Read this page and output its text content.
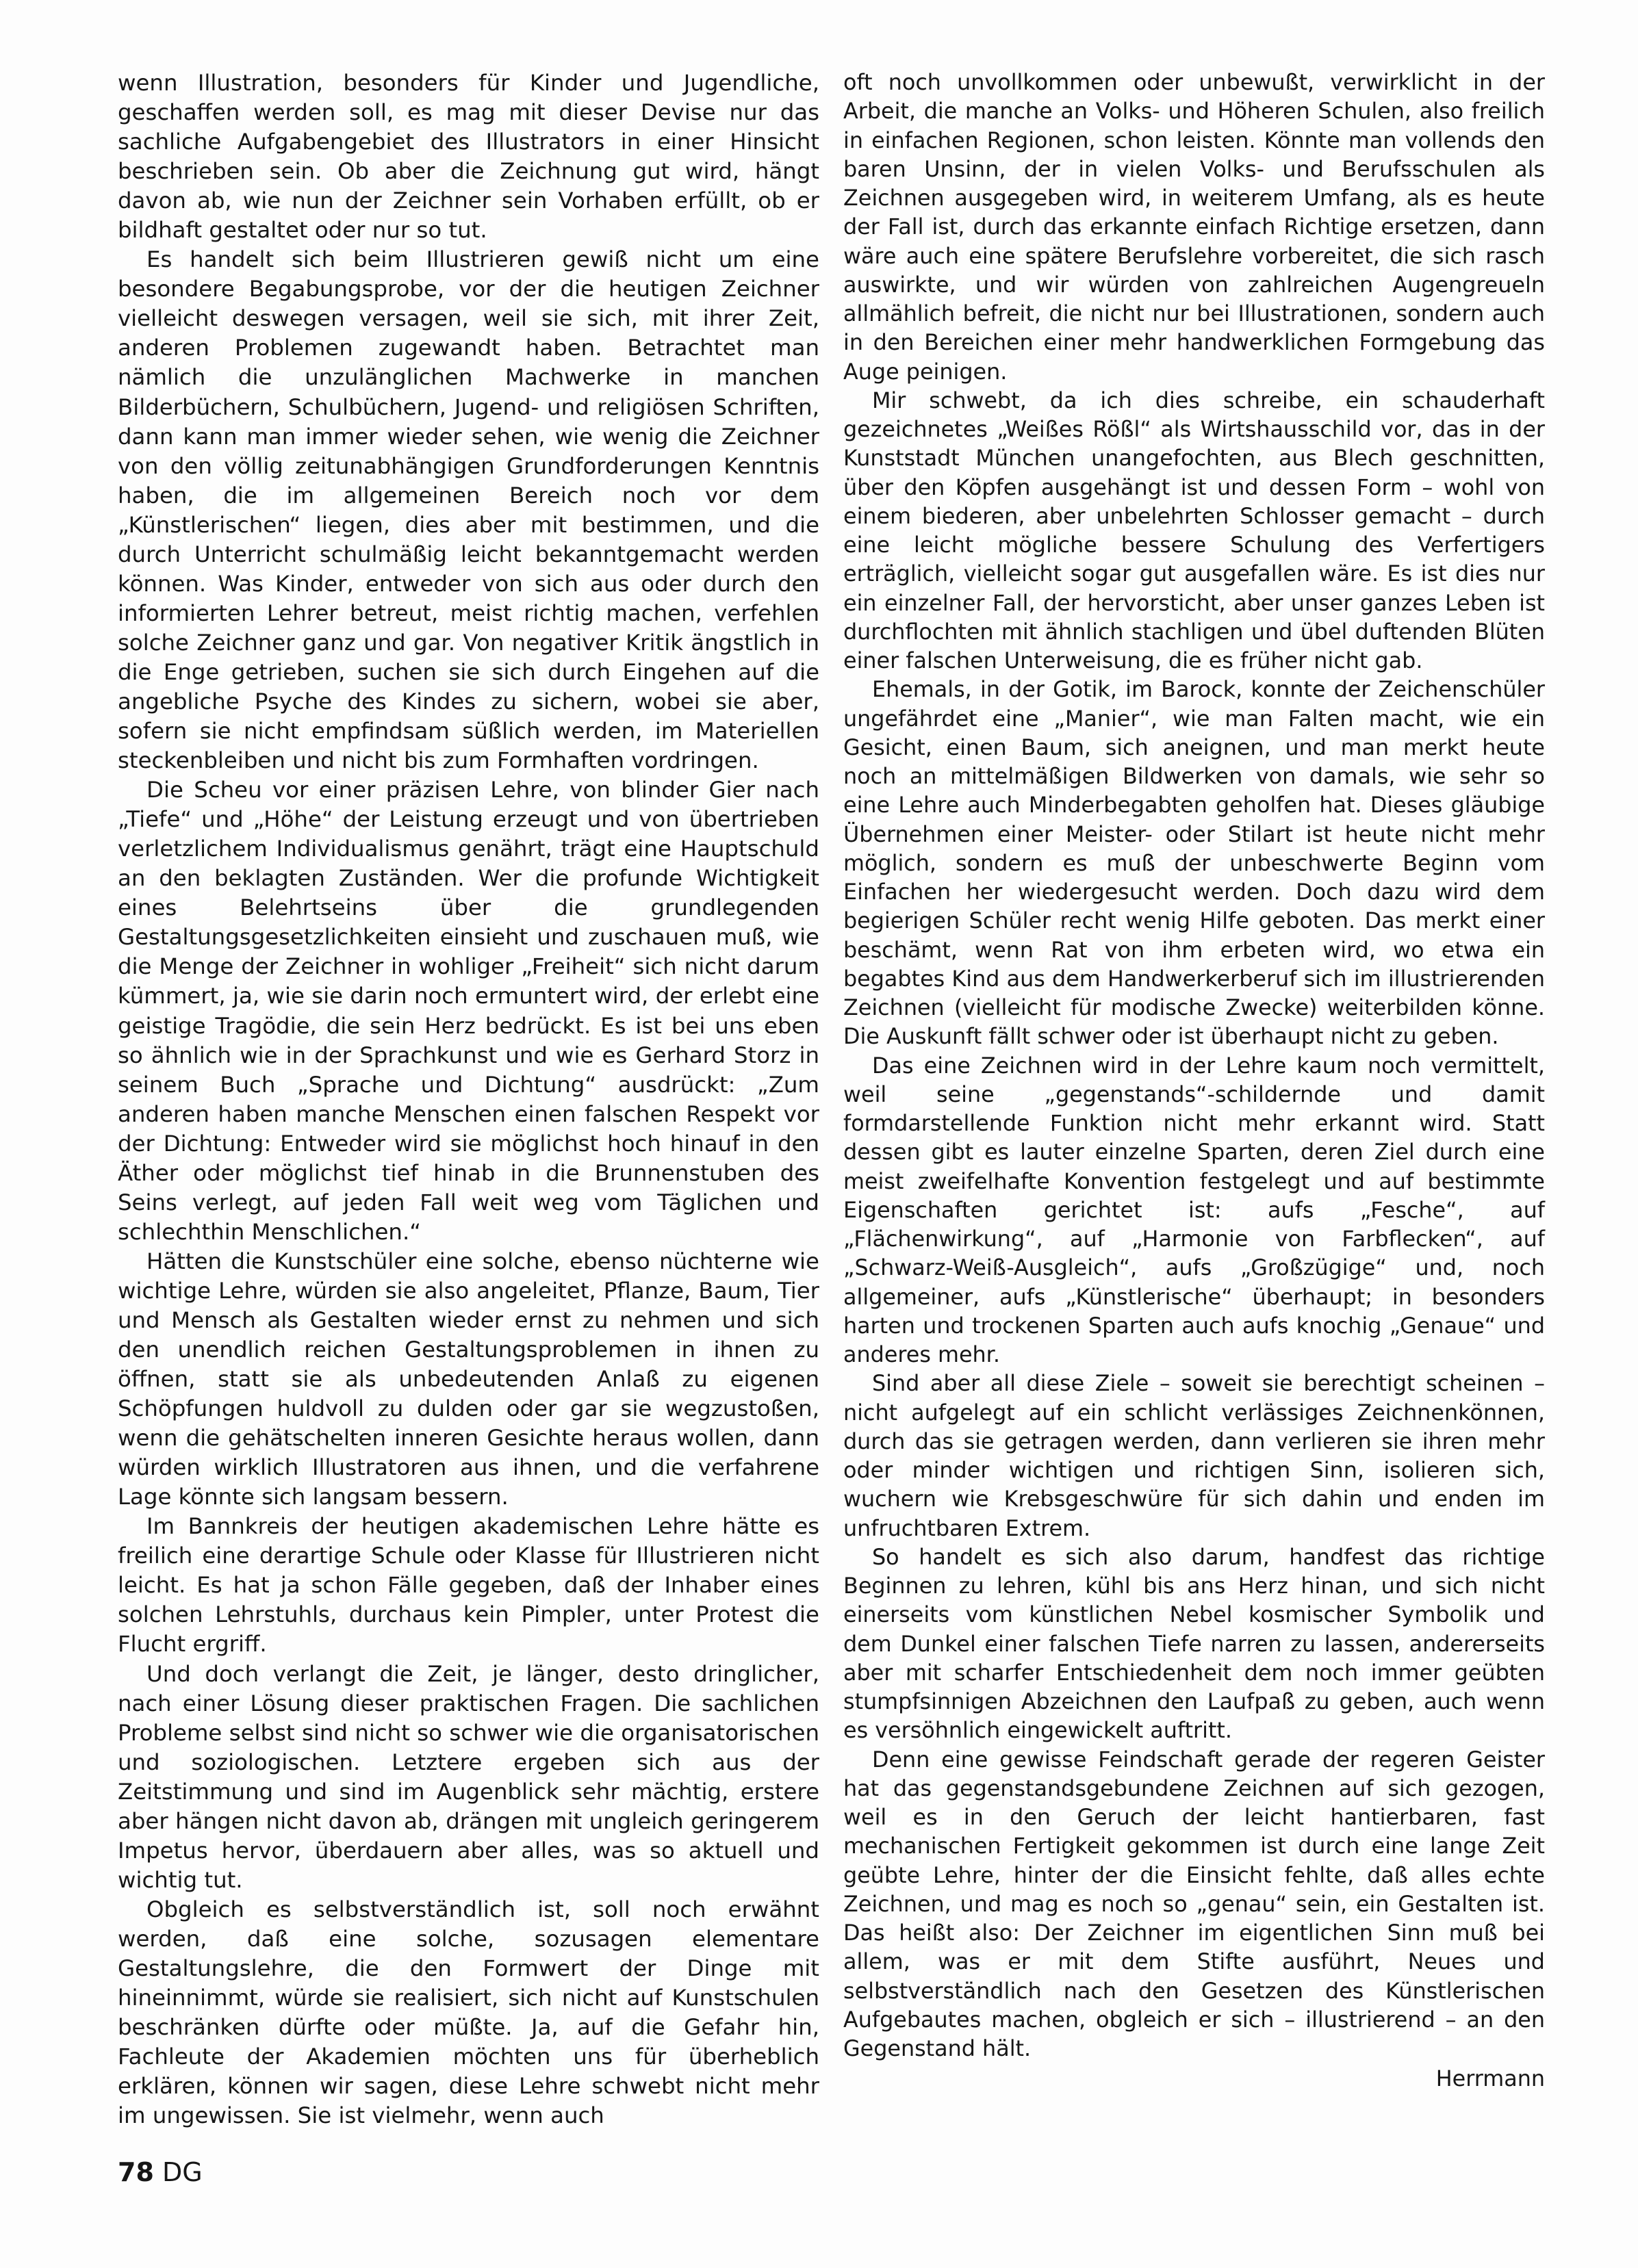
wenn Illustration, besonders für Kinder und Jugendliche, geschaffen werden soll, es mag mit dieser Devise nur das sachliche Aufgabengebiet des Illustrators in einer Hinsicht beschrieben sein. Ob aber die Zeichnung gut wird, hängt davon ab, wie nun der Zeichner sein Vorhaben erfüllt, ob er bildhaft gestaltet oder nur so tut.

Es handelt sich beim Illustrieren gewiß nicht um eine besondere Begabungsprobe, vor der die heutigen Zeichner vielleicht deswegen versagen, weil sie sich, mit ihrer Zeit, anderen Problemen zugewandt haben. Betrachtet man nämlich die unzulänglichen Machwerke in manchen Bilderbüchern, Schulbüchern, Jugend- und religiösen Schriften, dann kann man immer wieder sehen, wie wenig die Zeichner von den völlig zeitunabhängigen Grundforderungen Kenntnis haben, die im allgemeinen Bereich noch vor dem „Künstlerischen“ liegen, dies aber mit bestimmen, und die durch Unterricht schulmäßig leicht bekanntgemacht werden können. Was Kinder, entweder von sich aus oder durch den informierten Lehrer betreut, meist richtig machen, verfehlen solche Zeichner ganz und gar. Von negativer Kritik ängstlich in die Enge getrieben, suchen sie sich durch Eingehen auf die angebliche Psyche des Kindes zu sichern, wobei sie aber, sofern sie nicht empfindsam süßlich werden, im Materiellen steckenbleiben und nicht bis zum Formhaften vordringen.

Die Scheu vor einer präzisen Lehre, von blinder Gier nach „Tiefe“ und „Höhe“ der Leistung erzeugt und von übertrieben verletzlichem Individualismus genährt, trägt eine Hauptschuld an den beklagten Zuständen. Wer die profunde Wichtigkeit eines Belehrtseins über die grundlegenden Gestaltungsgesetzlichkeiten einsieht und zuschauen muß, wie die Menge der Zeichner in wohliger „Freiheit“ sich nicht darum kümmert, ja, wie sie darin noch ermuntert wird, der erlebt eine geistige Tragödie, die sein Herz bedrückt. Es ist bei uns eben so ähnlich wie in der Sprachkunst und wie es Gerhard Storz in seinem Buch „Sprache und Dichtung“ ausdrückt: „Zum anderen haben manche Menschen einen falschen Respekt vor der Dichtung: Entweder wird sie möglichst hoch hinauf in den Äther oder möglichst tief hinab in die Brunnenstuben des Seins verlegt, auf jeden Fall weit weg vom Täglichen und schlechthin Menschlichen.“

Hätten die Kunstschüler eine solche, ebenso nüchterne wie wichtige Lehre, würden sie also angeleitet, Pflanze, Baum, Tier und Mensch als Gestalten wieder ernst zu nehmen und sich den unendlich reichen Gestaltungsproblemen in ihnen zu öffnen, statt sie als unbedeutenden Anlaß zu eigenen Schöpfungen huldvoll zu dulden oder gar sie wegzustoßen, wenn die gehätschelten inneren Gesichte heraus wollen, dann würden wirklich Illustratoren aus ihnen, und die verfahrene Lage könnte sich langsam bessern.

Im Bannkreis der heutigen akademischen Lehre hätte es freilich eine derartige Schule oder Klasse für Illustrieren nicht leicht. Es hat ja schon Fälle gegeben, daß der Inhaber eines solchen Lehrstuhls, durchaus kein Pimpler, unter Protest die Flucht ergriff.

Und doch verlangt die Zeit, je länger, desto dringlicher, nach einer Lösung dieser praktischen Fragen. Die sachlichen Probleme selbst sind nicht so schwer wie die organisatorischen und soziologischen. Letztere ergeben sich aus der Zeitstimmung und sind im Augenblick sehr mächtig, erstere aber hängen nicht davon ab, drängen mit ungleich geringerem Impetus hervor, überdauern aber alles, was so aktuell und wichtig tut.

Obgleich es selbstverständlich ist, soll noch erwähnt werden, daß eine solche, sozusagen elementare Gestaltungslehre, die den Formwert der Dinge mit hineinnimmt, würde sie realisiert, sich nicht auf Kunstschulen beschränken dürfte oder müßte. Ja, auf die Gefahr hin, Fachleute der Akademien möchten uns für überheblich erklären, können wir sagen, diese Lehre schwebt nicht mehr im ungewissen. Sie ist vielmehr, wenn auch

oft noch unvollkommen oder unbewußt, verwirklicht in der Arbeit, die manche an Volks- und Höheren Schulen, also freilich in einfachen Regionen, schon leisten. Könnte man vollends den baren Unsinn, der in vielen Volks- und Berufsschulen als Zeichnen ausgegeben wird, in weiterem Umfang, als es heute der Fall ist, durch das erkannte einfach Richtige ersetzen, dann wäre auch eine spätere Berufslehre vorbereitet, die sich rasch auswirkte, und wir würden von zahlreichen Augengreueln allmählich befreit, die nicht nur bei Illustrationen, sondern auch in den Bereichen einer mehr handwerklichen Formgebung das Auge peinigen.

Mir schwebt, da ich dies schreibe, ein schauderhaft gezeichnetes „Weißes Rößl“ als Wirtshausschild vor, das in der Kunststadt München unangefochten, aus Blech geschnitten, über den Köpfen ausgehängt ist und dessen Form – wohl von einem biederen, aber unbelehrten Schlosser gemacht – durch eine leicht mögliche bessere Schulung des Verfertigers erträglich, vielleicht sogar gut ausgefallen wäre. Es ist dies nur ein einzelner Fall, der hervorsticht, aber unser ganzes Leben ist durchflochten mit ähnlich stachligen und übel duftenden Blüten einer falschen Unterweisung, die es früher nicht gab.

Ehemals, in der Gotik, im Barock, konnte der Zeichenschüler ungefährdet eine „Manier“, wie man Falten macht, wie ein Gesicht, einen Baum, sich aneignen, und man merkt heute noch an mittelmäßigen Bildwerken von damals, wie sehr so eine Lehre auch Minderbegabten geholfen hat. Dieses gläubige Übernehmen einer Meister- oder Stilart ist heute nicht mehr möglich, sondern es muß der unbeschwerte Beginn vom Einfachen her wiedergesucht werden. Doch dazu wird dem begierigen Schüler recht wenig Hilfe geboten. Das merkt einer beschämt, wenn Rat von ihm erbeten wird, wo etwa ein begabtes Kind aus dem Handwerkerberuf sich im illustrierenden Zeichnen (vielleicht für modische Zwecke) weiterbilden könne. Die Auskunft fällt schwer oder ist überhaupt nicht zu geben.

Das eine Zeichnen wird in der Lehre kaum noch vermittelt, weil seine „gegenstands“-schildernde und damit formdarstellende Funktion nicht mehr erkannt wird. Statt dessen gibt es lauter einzelne Sparten, deren Ziel durch eine meist zweifelhafte Konvention festgelegt und auf bestimmte Eigenschaften gerichtet ist: aufs „Fesche“, auf „Flächenwirkung“, auf „Harmonie von Farbflecken“, auf „Schwarz-Weiß-Ausgleich“, aufs „Großzügige“ und, noch allgemeiner, aufs „Künstlerische“ überhaupt; in besonders harten und trockenen Sparten auch aufs knochig „Genaue“ und anderes mehr.

Sind aber all diese Ziele – soweit sie berechtigt scheinen – nicht aufgelegt auf ein schlicht verlässiges Zeichnenkönnen, durch das sie getragen werden, dann verlieren sie ihren mehr oder minder wichtigen und richtigen Sinn, isolieren sich, wuchern wie Krebsgeschwüre für sich dahin und enden im unfruchtbaren Extrem.

So handelt es sich also darum, handfest das richtige Beginnen zu lehren, kühl bis ans Herz hinan, und sich nicht einerseits vom künstlichen Nebel kosmischer Symbolik und dem Dunkel einer falschen Tiefe narren zu lassen, andererseits aber mit scharfer Entschiedenheit dem noch immer geübten stumpfsinnigen Abzeichnen den Laufpaß zu geben, auch wenn es versöhnlich eingewickelt auftritt.

Denn eine gewisse Feindschaft gerade der regeren Geister hat das gegenstandsgebundene Zeichnen auf sich gezogen, weil es in den Geruch der leicht hantierbaren, fast mechanischen Fertigkeit gekommen ist durch eine lange Zeit geübte Lehre, hinter der die Einsicht fehlte, daß alles echte Zeichnen, und mag es noch so „genau“ sein, ein Gestalten ist. Das heißt also: Der Zeichner im eigentlichen Sinn muß bei allem, was er mit dem Stifte ausführt, Neues und selbstverständlich nach den Gesetzen des Künstlerischen Aufgebautes machen, obgleich er sich – illustrierend – an den Gegenstand hält.

Herrmann
78 DG
